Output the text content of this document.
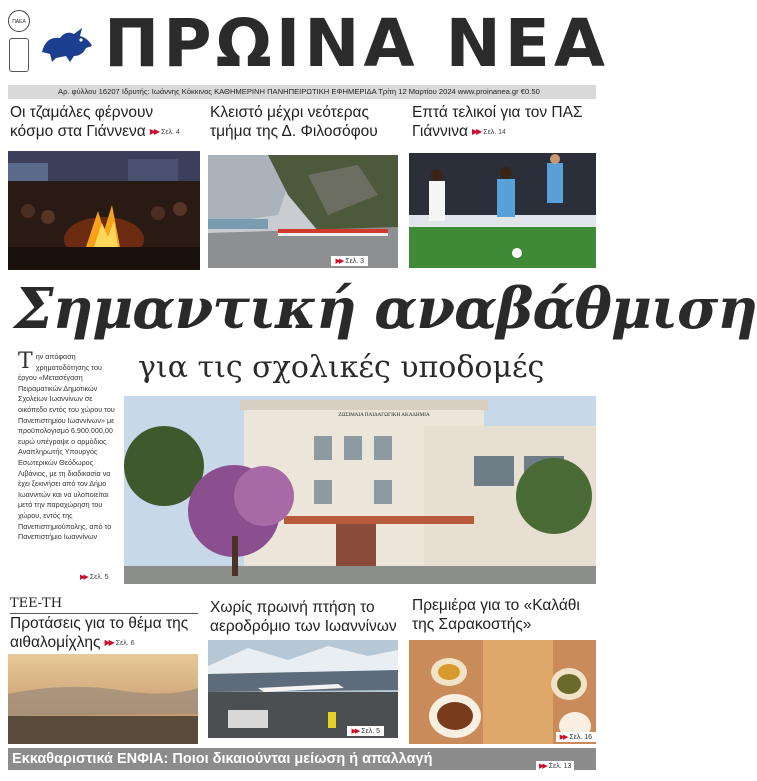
ΠΑΕΑ ΠΡΩΙΝΑ ΝΕΑ
Αρ. φύλλου 16207 Ιδρυτής: Ιωάννης Κόκκινος ΚΑΘΗΜΕΡΙΝΗ ΠΑΝΗΠΕΙΡΩΤΙΚΗ ΕΦΗΜΕΡΙΔΑ Τρίτη 12 Μαρτίου 2024 www.proinanea.gr €0.50
Οι τζαμάλες φέρνουν κόσμο στα Γιάννενα ▶▶ Σελ. 4
Κλειστό μέχρι νεότερας τμήμα της Δ. Φιλοσόφου
▶▶ Σελ. 3
Επτά τελικοί για τον ΠΑΣ Γιάννινα ▶▶ Σελ. 14
Σημαντική αναβάθμιση
για τις σχολικές υποδομές
Την απόφαση χρηματοδότησης του έργου «Μετασέγαση Πειραματικών Δημοτικών Σχολείων Ιωαννίνων σε οικόπεδο εντός του χώρου του Πανεπιστημίου Ιωαννίνων» με προϋπολογισμό 6.900.000,00 ευρώ υπέγραψε ο αρμόδιος Αναπληρωτής Υπουργός Εσωτερικών Θεόδωρος Λιβάνιος, με τη διαδικασία να έχει ξεκινήσει από τον Δήμο Ιωαννιτών και να υλοποιείται μετά την παραχώρηση του χώρου, εντός της Πανεπιστημιούπολης, από το Πανεπιστήμιο Ιωαννίνων
▶▶ Σελ. 5
ΖΩΣΙΜΑΙΑ ΠΑΙΔΑΓΩΓΙΚΗ ΑΚΑΔΗΜΙΑ
ΤΕΕ-ΤΗ
Προτάσεις για το θέμα της αιθαλομίχλης ▶▶ Σελ. 6
Χωρίς πρωινή πτήση το αεροδρόμιο των Ιωαννίνων
▶▶ Σελ. 5
Πρεμιέρα για το «Καλάθι της Σαρακοστής»
▶▶ Σελ. 16
Εκκαθαριστικά ΕΝΦΙΑ: Ποιοι δικαιούνται μείωση ή απαλλαγή	▶▶ Σελ. 13
